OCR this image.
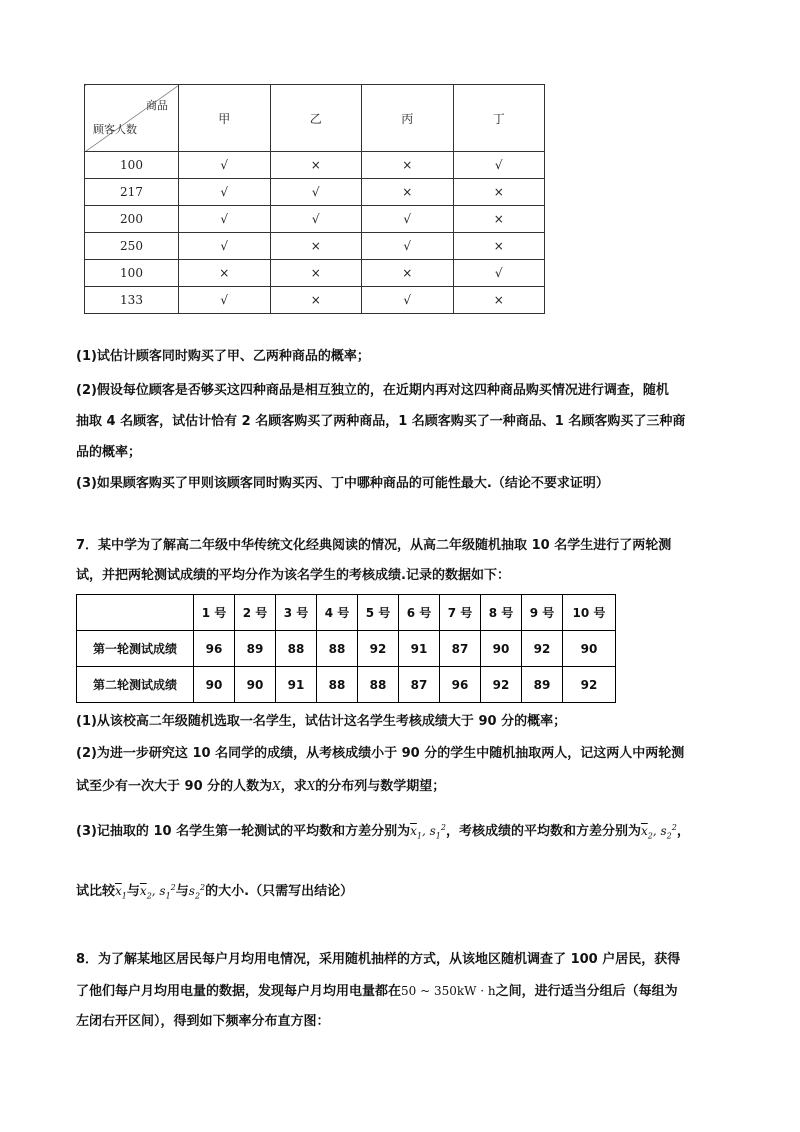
商品
顾客人数	甲	乙	丙	丁
100	√	×	×	√
217	√	√	×	×
200	√	√	√	×
250	√	×	√	×
100	×	×	×	√
133	√	×	√	×
(1)试估计顾客同时购买了甲、乙两种商品的概率；
(2)假设每位顾客是否够买这四种商品是相互独立的，在近期内再对这四种商品购买情况进行调查，随机
抽取 4 名顾客，试估计恰有 2 名顾客购买了两种商品，1 名顾客购买了一种商品、1 名顾客购买了三种商
品的概率；
(3)如果顾客购买了甲则该顾客同时购买丙、丁中哪种商品的可能性最大.（结论不要求证明）
7．某中学为了解高二年级中华传统文化经典阅读的情况，从高二年级随机抽取 10 名学生进行了两轮测
试，并把两轮测试成绩的平均分作为该名学生的考核成绩.记录的数据如下：
	1 号	2 号	3 号	4 号	5 号	6 号	7 号	8 号	9 号	10 号
第一轮测试成绩	96	89	88	88	92	91	87	90	92	90
第二轮测试成绩	90	90	91	88	88	87	96	92	89	92
(1)从该校高二年级随机选取一名学生，试估计这名学生考核成绩大于 90 分的概率；
(2)为进一步研究这 10 名同学的成绩，从考核成绩小于 90 分的学生中随机抽取两人，记这两人中两轮测
试至少有一次大于 90 分的人数为X，求X的分布列与数学期望；
(3)记抽取的 10 名学生第一轮测试的平均数和方差分别为$\overline{x}_1$, $s_1^2$，考核成绩的平均数和方差分别为$\overline{x}_2$, $s_2^2$，
试比较$\overline{x}_1$与$\overline{x}_2$, $s_1^2$与$s_2^2$的大小.（只需写出结论）
8．为了解某地区居民每户月均用电情况，采用随机抽样的方式，从该地区随机调查了 100 户居民，获得
了他们每户月均用电量的数据，发现每户月均用电量都在50 ~ 350kW · h之间，进行适当分组后（每组为
左闭右开区间），得到如下频率分布直方图：
